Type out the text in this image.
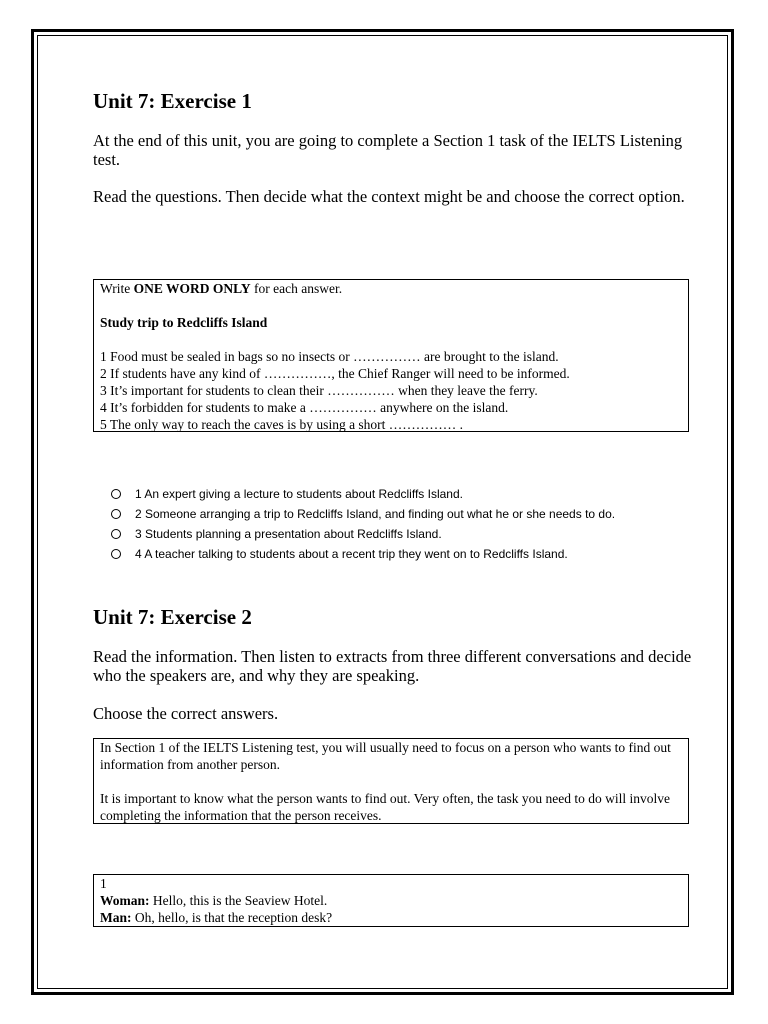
Unit 7: Exercise 1

At the end of this unit, you are going to complete a Section 1 task of the IELTS Listening test.

Read the questions. Then decide what the context might be and choose the correct option.

Write ONE WORD ONLY for each answer.

Study trip to Redcliffs Island

1 Food must be sealed in bags so no insects or …………… are brought to the island.

2 If students have any kind of ……………, the Chief Ranger will need to be informed.

3 It’s important for students to clean their …………… when they leave the ferry.

4 It’s forbidden for students to make a …………… anywhere on the island.

5 The only way to reach the caves is by using a short …………… .

1 An expert giving a lecture to students about Redcliffs Island.
2 Someone arranging a trip to Redcliffs Island, and finding out what he or she needs to do.
3 Students planning a presentation about Redcliffs Island.
4 A teacher talking to students about a recent trip they went on to Redcliffs Island.
Unit 7: Exercise 2

Read the information. Then listen to extracts from three different conversations and decide who the speakers are, and why they are speaking.

Choose the correct answers.

In Section 1 of the IELTS Listening test, you will usually need to focus on a person who wants to find out information from another person.

It is important to know what the person wants to find out. Very often, the task you need to do will involve completing the information that the person receives.

1

Woman: Hello, this is the Seaview Hotel.

Man: Oh, hello, is that the reception desk?
